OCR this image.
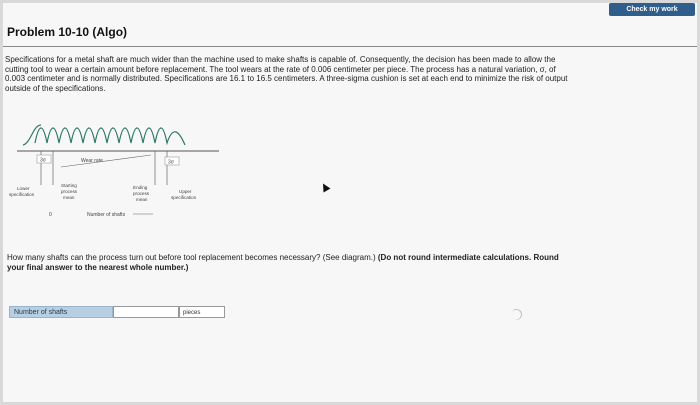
Check my work
Problem 10-10 (Algo)
Specifications for a metal shaft are much wider than the machine used to make shafts is capable of. Consequently, the decision has been made to allow the cutting tool to wear a certain amount before replacement. The tool wears at the rate of 0.006 centimeter per piece. The process has a natural variation, σ, of 0.003 centimeter and is normally distributed. Specifications are 16.1 to 16.5 centimeters. A three-sigma cushion is set at each end to minimize the risk of output outside of the specifications.
3σ	3σ
Wear rate
Lower
specification
Starting
process
mean
Ending
process
mean
Upper
specification
0	Number of shafts
How many shafts can the process turn out before tool replacement becomes necessary? (See diagram.) (Do not round intermediate calculations. Round your final answer to the nearest whole number.)
Number of shafts	pieces
